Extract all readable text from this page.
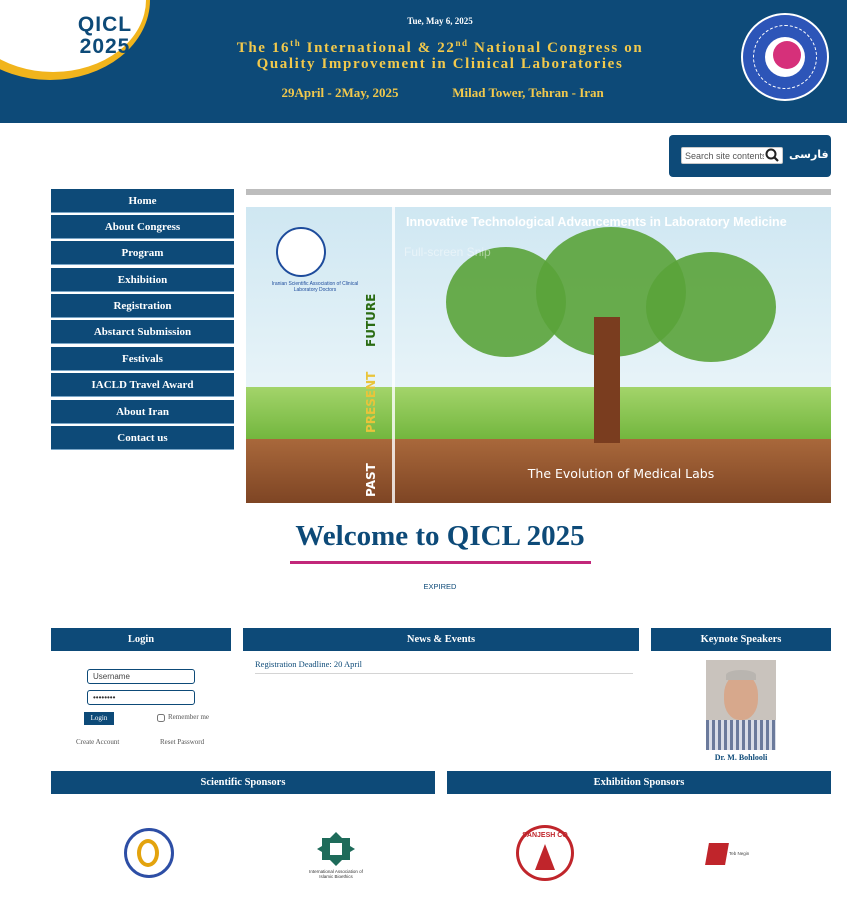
QICL
2025
Tue, May 6, 2025
The 16th International & 22nd National Congress on
Quality Improvement in Clinical Laboratories
29April - 2May, 2025	Milad Tower, Tehran - Iran
Search site contents
فارسی
Home
About Congress
Program
Exhibition
Registration
Abstarct Submission
Festivals
IACLD Travel Award
About Iran
Contact us
Iranian Scientific Association of Clinical Laboratory Doctors
FUTURE
PRESENT
PAST
Innovative Technological Advancements in Laboratory Medicine
Full-screen Snip
The Evolution of Medical Labs
Welcome to QICL 2025
EXPIRED
Login	News & Events	Keynote Speakers
Username
••••••••
Login	Remember me
Create Account	Reset Password
Registration Deadline: 20 April
Dr. M. Bohlooli
Scientific Sponsors	Exhibition Sponsors
International Association of Islamic Bioethics
SANJESH CO
Teb Negin
